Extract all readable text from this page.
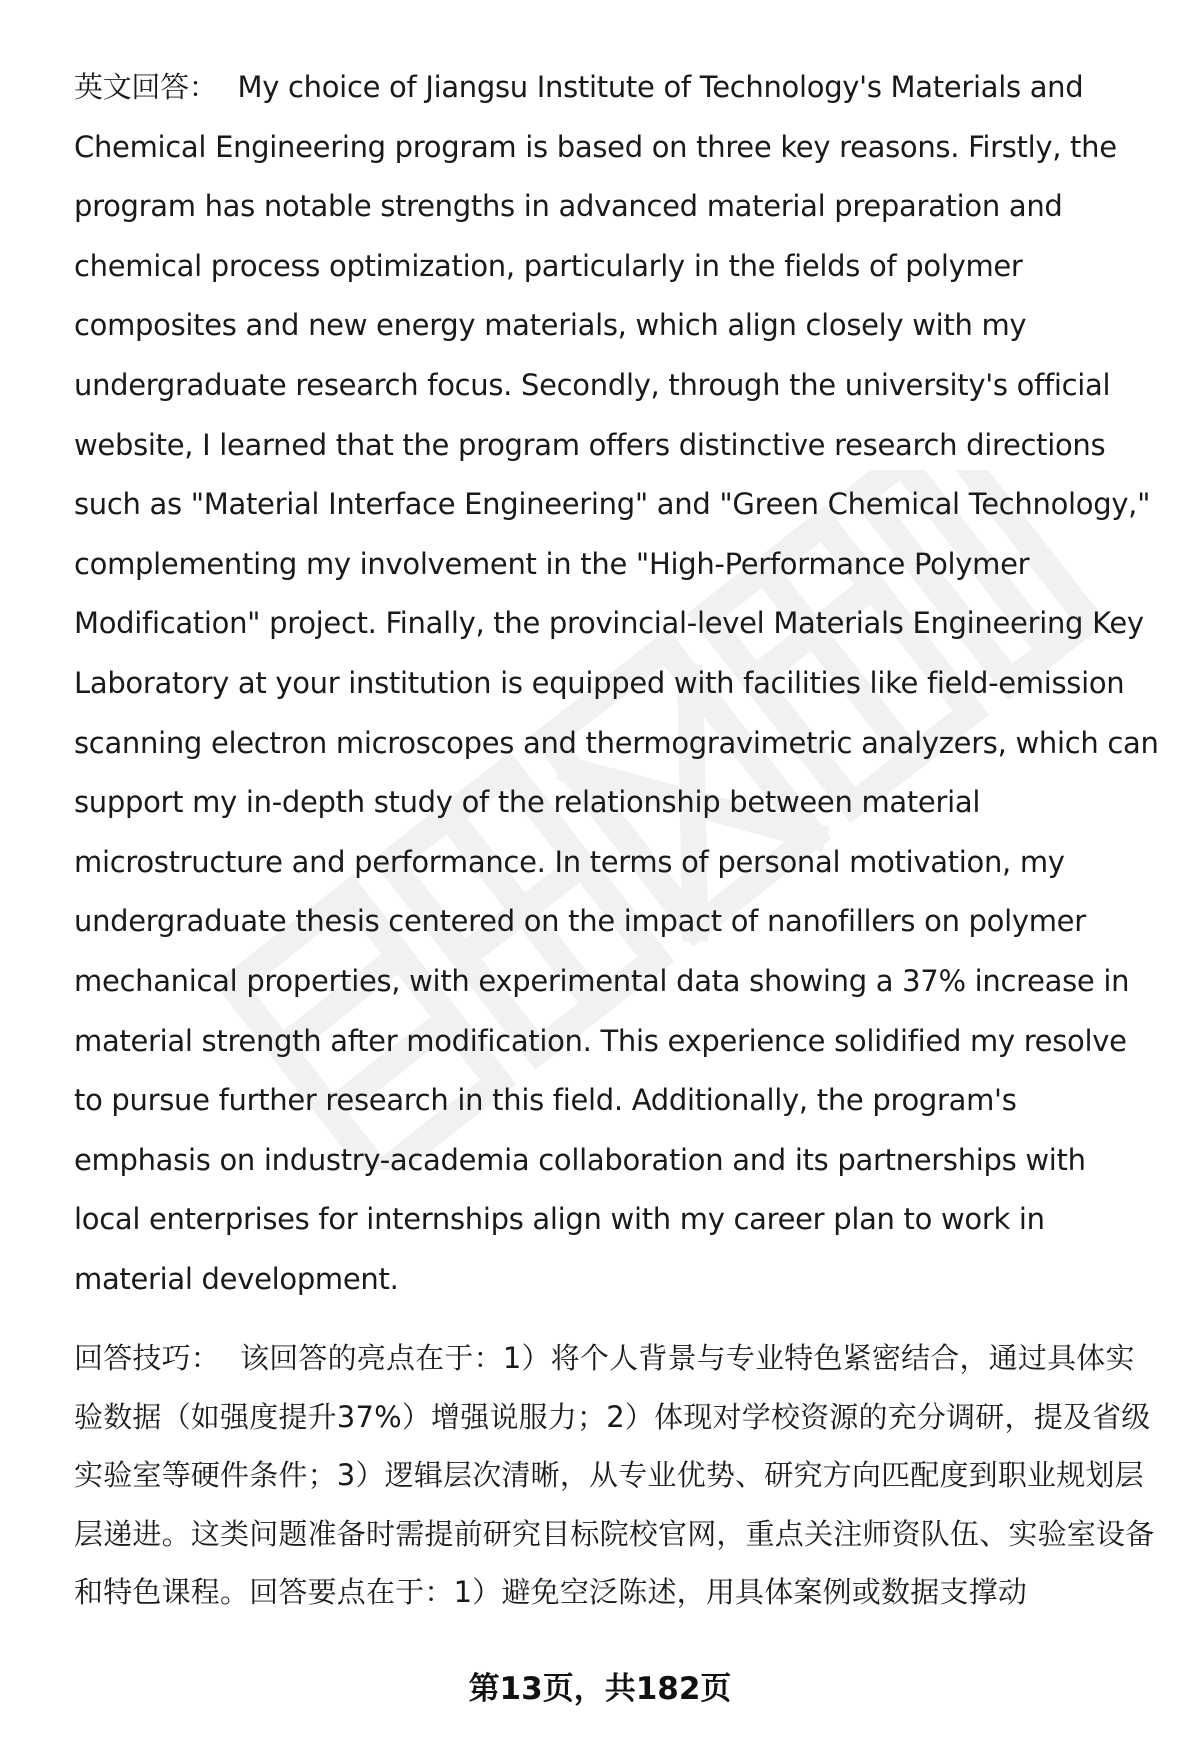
英文回答： My choice of Jiangsu Institute of Technology's Materials and Chemical Engineering program is based on three key reasons. Firstly, the program has notable strengths in advanced material preparation and chemical process optimization, particularly in the fields of polymer composites and new energy materials, which align closely with my undergraduate research focus. Secondly, through the university's official website, I learned that the program offers distinctive research directions such as "Material Interface Engineering" and "Green Chemical Technology," complementing my involvement in the "High-Performance Polymer Modification" project. Finally, the provincial-level Materials Engineering Key Laboratory at your institution is equipped with facilities like field-emission scanning electron microscopes and thermogravimetric analyzers, which can support my in-depth study of the relationship between material microstructure and performance. In terms of personal motivation, my undergraduate thesis centered on the impact of nanofillers on polymer mechanical properties, with experimental data showing a 37% increase in material strength after modification. This experience solidified my resolve to pursue further research in this field. Additionally, the program's emphasis on industry-academia collaboration and its partnerships with local enterprises for internships align with my career plan to work in material development.

回答技巧： 该回答的亮点在于：1）将个人背景与专业特色紧密结合，通过具体实验数据（如强度提升37%）增强说服力；2）体现对学校资源的充分调研，提及省级实验室等硬件条件；3）逻辑层次清晰，从专业优势、研究方向匹配度到职业规划层层递进。这类问题准备时需提前研究目标院校官网，重点关注师资队伍、实验室设备和特色课程。回答要点在于：1）避免空泛陈述，用具体案例或数据支撑动

第13页，共182页
